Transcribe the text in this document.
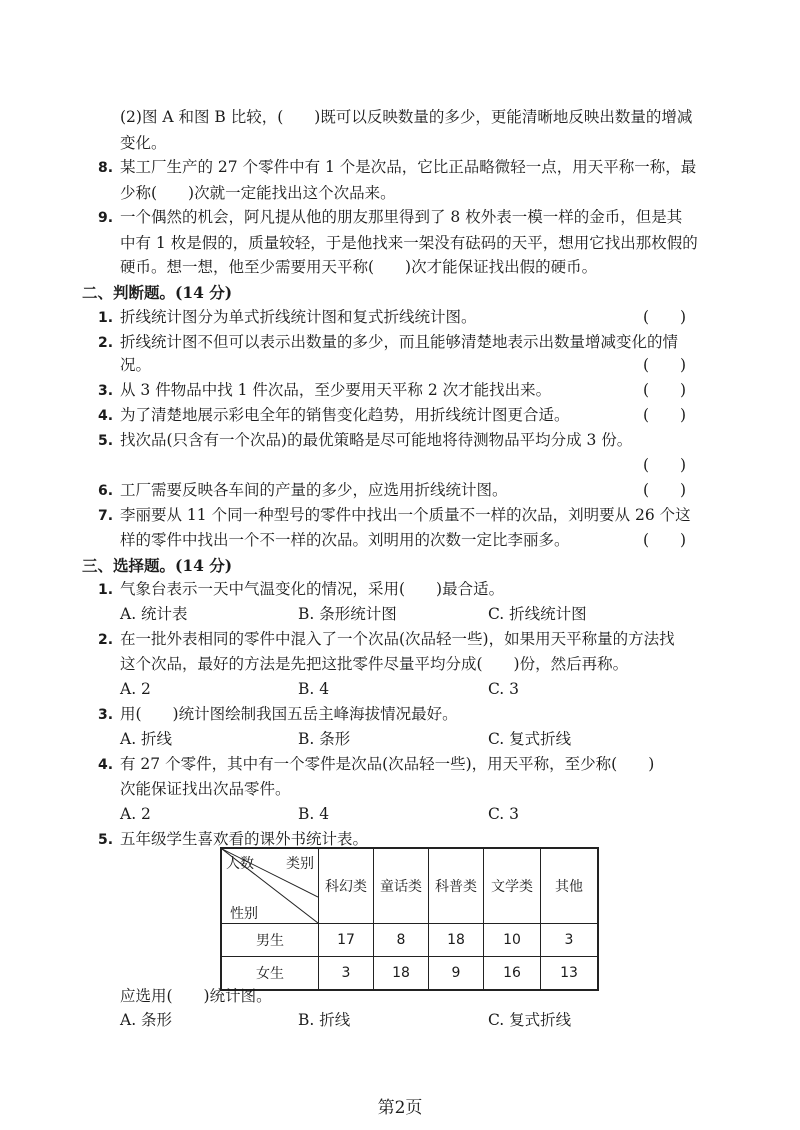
(2)图 A 和图 B 比较，(　　)既可以反映数量的多少，更能清晰地反映出数量的增减
变化。
8. 某工厂生产的 27 个零件中有 1 个是次品，它比正品略微轻一点，用天平称一称，最
少称(　　)次就一定能找出这个次品来。
9. 一个偶然的机会，阿凡提从他的朋友那里得到了 8 枚外表一模一样的金币，但是其
中有 1 枚是假的，质量较轻，于是他找来一架没有砝码的天平，想用它找出那枚假的
硬币。想一想，他至少需要用天平称(　　)次才能保证找出假的硬币。
二、判断题。(14 分)
1. 折线统计图分为单式折线统计图和复式折线统计图。	(　　)
2. 折线统计图不但可以表示出数量的多少，而且能够清楚地表示出数量增减变化的情
况。	(　　)
3. 从 3 件物品中找 1 件次品，至少要用天平称 2 次才能找出来。	(　　)
4. 为了清楚地展示彩电全年的销售变化趋势，用折线统计图更合适。	(　　)
5. 找次品(只含有一个次品)的最优策略是尽可能地将待测物品平均分成 3 份。
(　　)
6. 工厂需要反映各车间的产量的多少，应选用折线统计图。	(　　)
7. 李丽要从 11 个同一种型号的零件中找出一个质量不一样的次品，刘明要从 26 个这
样的零件中找出一个不一样的次品。刘明用的次数一定比李丽多。	(　　)
三、选择题。(14 分)
1. 气象台表示一天中气温变化的情况，采用(　　)最合适。
A. 统计表	B. 条形统计图	C. 折线统计图
2. 在一批外表相同的零件中混入了一个次品(次品轻一些)，如果用天平称量的方法找
这个次品，最好的方法是先把这批零件尽量平均分成(　　)份，然后再称。
A. 2	B. 4	C. 3
3. 用(　　)统计图绘制我国五岳主峰海拔情况最好。
A. 折线	B. 条形	C. 复式折线
4. 有 27 个零件，其中有一个零件是次品(次品轻一些)，用天平称，至少称(　　)
次能保证找出次品零件。
A. 2	B. 4	C. 3
5. 五年级学生喜欢看的课外书统计表。
人数 类别
性别	科幻类	童话类	科普类	文学类	其他
男生	17	8	18	10	3
女生	3	18	9	16	13
应选用(　　)统计图。
A. 条形	B. 折线	C. 复式折线
第2页
